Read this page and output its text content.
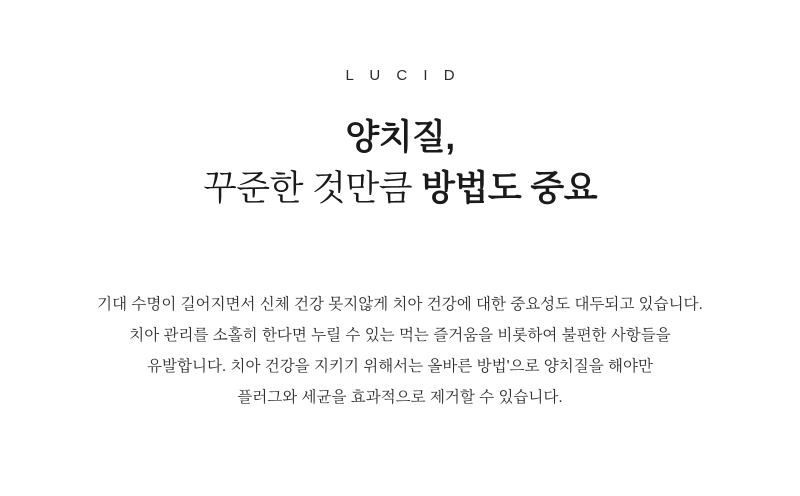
L U C I D
양치질,
꾸준한 것만큼 방법도 중요

기대 수명이 길어지면서 신체 건강 못지않게 치아 건강에 대한 중요성도 대두되고 있습니다.
치아 관리를 소홀히 한다면 누릴 수 있는 먹는 즐거움을 비롯하여 불편한 사항들을
유발합니다. 치아 건강을 지키기 위해서는 올바른 방법'으로 양치질을 해야만
플러그와 세균을 효과적으로 제거할 수 있습니다.
